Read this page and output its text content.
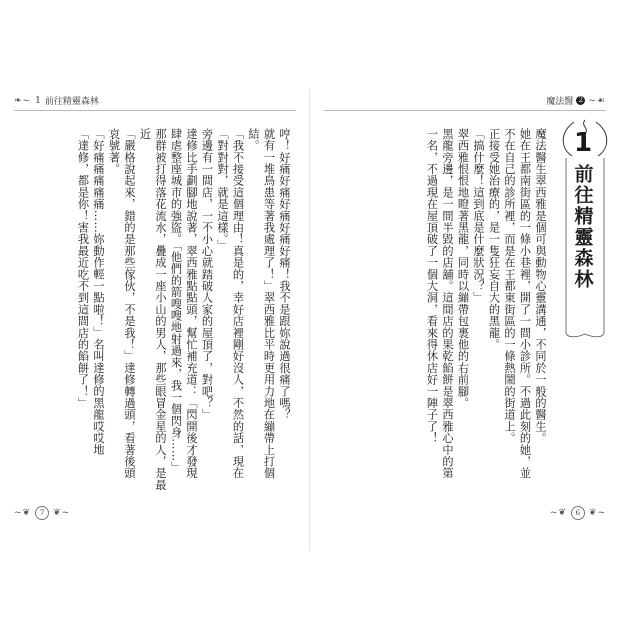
❧~ 1 前往精靈森林
哼！好痛好痛好痛好痛好痛！我不是跟妳說過很痛了嗎？
就有一堆鳥患等著我處理了！」翠西雅比平時更用力地在繃帶上打個結。
「我不接受這個理由！真是的，幸好店裡剛好沒人，不然的話，現在
「對對對，就是這樣。」
旁邊有一間店，一不小心就踏破人家的屋頂了，對吧？」
達修比手劃腳地說著，翠西雅點點頭，幫忙補充道：「閃開後才發現
肆虐整座城市的強盜。「他們的箭嗖嗖地射過來，我一個閃身……」
那群被打得落花流水，疊成一座小山的男人，那些眼冒金星的人，是最近
「嚴格說起來，錯的是那些傢伙，不是我！」達修轉過頭，看著後頭
哀號著。
「好痛痛痛痛痛……妳動作輕一點啦！」名叫達修的黑龍哎哎地
「達修，都是你！害我最近吃不到這間店的餡餅了！」
~❦	7 ❦~
魔法醫 2 ~☙
1
前往精靈森林
魔法醫生翠西雅是個可與動物心靈溝通，不同於一般的醫生。
她在王都南街區的一條小巷裡，開了一間小診所。不過此刻的她，並
不在自己的診所裡，而是在王都東街區的一條熱鬧的街道上。
正接受她治療的，是一隻狂妄自大的黑龍。
「搞什麼！這到底是什麼狀況？」
翠西雅恨恨地瞪著黑龍，同時以繃帶包裹他的右前腳。
黑龍旁邊，是一間半毀的店舖。這間店的果乾餡餅是翠西雅心中的第
一名，不過現在屋頂破了一個大洞，看來得休店好一陣子了！
~❦	6 ❦~
